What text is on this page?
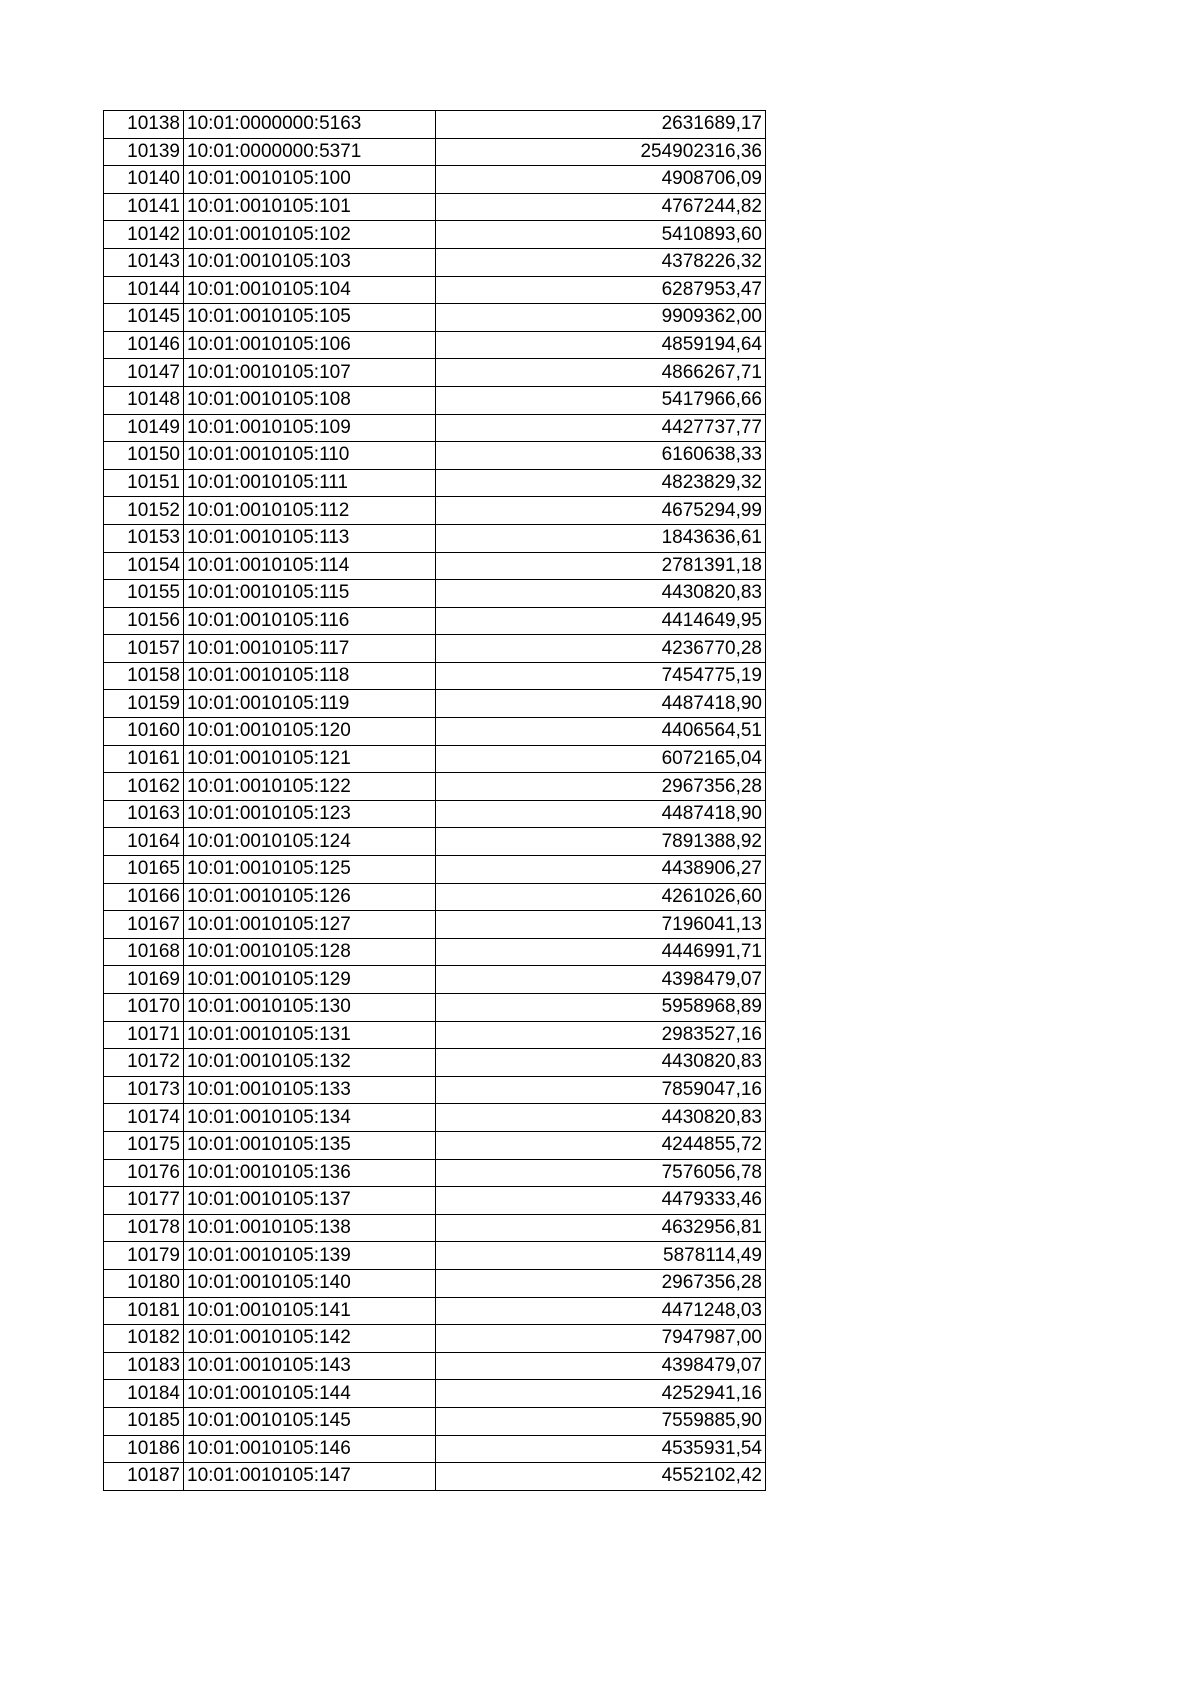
10138	10:01:0000000:5163	2631689,17
10139	10:01:0000000:5371	254902316,36
10140	10:01:0010105:100	4908706,09
10141	10:01:0010105:101	4767244,82
10142	10:01:0010105:102	5410893,60
10143	10:01:0010105:103	4378226,32
10144	10:01:0010105:104	6287953,47
10145	10:01:0010105:105	9909362,00
10146	10:01:0010105:106	4859194,64
10147	10:01:0010105:107	4866267,71
10148	10:01:0010105:108	5417966,66
10149	10:01:0010105:109	4427737,77
10150	10:01:0010105:110	6160638,33
10151	10:01:0010105:111	4823829,32
10152	10:01:0010105:112	4675294,99
10153	10:01:0010105:113	1843636,61
10154	10:01:0010105:114	2781391,18
10155	10:01:0010105:115	4430820,83
10156	10:01:0010105:116	4414649,95
10157	10:01:0010105:117	4236770,28
10158	10:01:0010105:118	7454775,19
10159	10:01:0010105:119	4487418,90
10160	10:01:0010105:120	4406564,51
10161	10:01:0010105:121	6072165,04
10162	10:01:0010105:122	2967356,28
10163	10:01:0010105:123	4487418,90
10164	10:01:0010105:124	7891388,92
10165	10:01:0010105:125	4438906,27
10166	10:01:0010105:126	4261026,60
10167	10:01:0010105:127	7196041,13
10168	10:01:0010105:128	4446991,71
10169	10:01:0010105:129	4398479,07
10170	10:01:0010105:130	5958968,89
10171	10:01:0010105:131	2983527,16
10172	10:01:0010105:132	4430820,83
10173	10:01:0010105:133	7859047,16
10174	10:01:0010105:134	4430820,83
10175	10:01:0010105:135	4244855,72
10176	10:01:0010105:136	7576056,78
10177	10:01:0010105:137	4479333,46
10178	10:01:0010105:138	4632956,81
10179	10:01:0010105:139	5878114,49
10180	10:01:0010105:140	2967356,28
10181	10:01:0010105:141	4471248,03
10182	10:01:0010105:142	7947987,00
10183	10:01:0010105:143	4398479,07
10184	10:01:0010105:144	4252941,16
10185	10:01:0010105:145	7559885,90
10186	10:01:0010105:146	4535931,54
10187	10:01:0010105:147	4552102,42
